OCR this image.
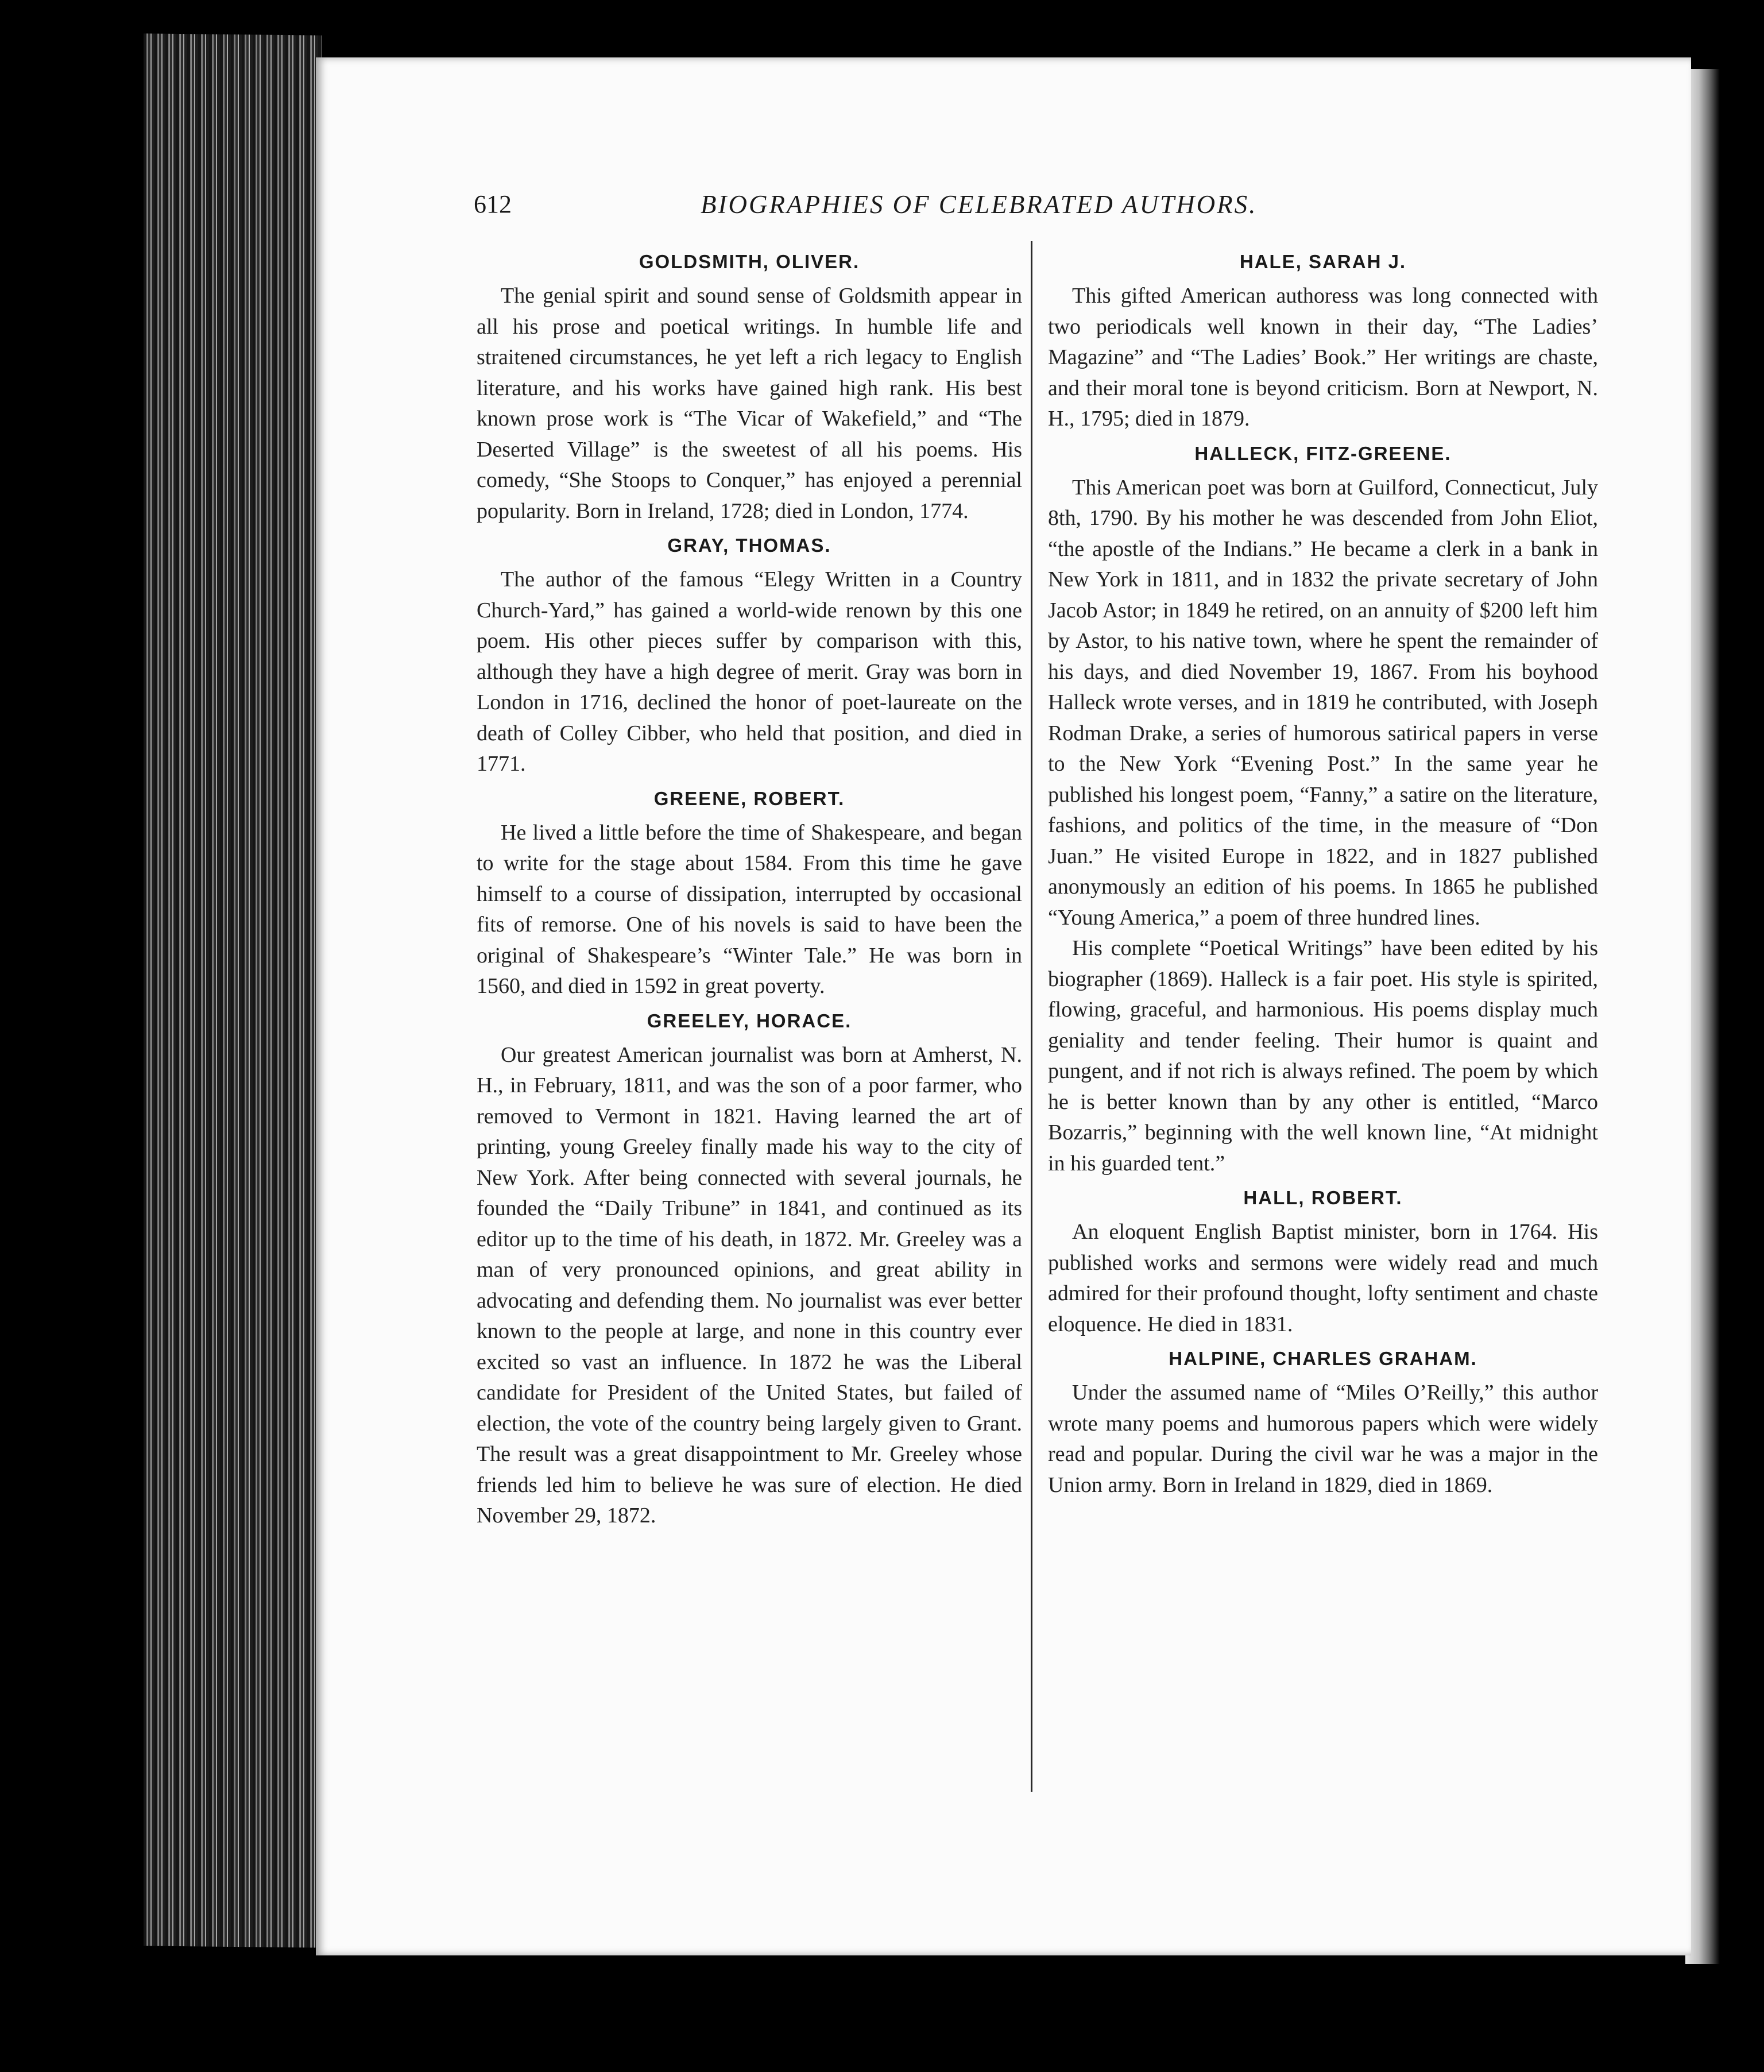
612	BIOGRAPHIES OF CELEBRATED AUTHORS.
GOLDSMITH, OLIVER.

The genial spirit and sound sense of Goldsmith appear in all his prose and poetical writings. In humble life and straitened circumstances, he yet left a rich legacy to English literature, and his works have gained high rank. His best known prose work is “The Vicar of Wakefield,” and “The Deserted Village” is the sweetest of all his poems. His comedy, “She Stoops to Conquer,” has enjoyed a perennial popularity. Born in Ireland, 1728; died in London, 1774.

GRAY, THOMAS.

The author of the famous “Elegy Written in a Country Church-Yard,” has gained a world-wide renown by this one poem. His other pieces suffer by comparison with this, although they have a high degree of merit. Gray was born in London in 1716, declined the honor of poet-laureate on the death of Colley Cibber, who held that position, and died in 1771.

GREENE, ROBERT.

He lived a little before the time of Shakespeare, and began to write for the stage about 1584. From this time he gave himself to a course of dissipation, interrupted by occasional fits of remorse. One of his novels is said to have been the original of Shakespeare’s “Winter Tale.” He was born in 1560, and died in 1592 in great poverty.

GREELEY, HORACE.

Our greatest American journalist was born at Amherst, N. H., in February, 1811, and was the son of a poor farmer, who removed to Vermont in 1821. Having learned the art of printing, young Greeley finally made his way to the city of New York. After being connected with several journals, he founded the “Daily Tribune” in 1841, and continued as its editor up to the time of his death, in 1872. Mr. Greeley was a man of very pronounced opinions, and great ability in advocating and defending them. No journalist was ever better known to the people at large, and none in this country ever excited so vast an influence. In 1872 he was the Liberal candidate for President of the United States, but failed of election, the vote of the country being largely given to Grant. The result was a great disappointment to Mr. Greeley whose friends led him to believe he was sure of election. He died November 29, 1872.

HALE, SARAH J.

This gifted American authoress was long connected with two periodicals well known in their day, “The Ladies’ Magazine” and “The Ladies’ Book.” Her writings are chaste, and their moral tone is beyond criticism. Born at Newport, N. H., 1795; died in 1879.

HALLECK, FITZ-GREENE.

This American poet was born at Guilford, Connecticut, July 8th, 1790. By his mother he was descended from John Eliot, “the apostle of the Indians.” He became a clerk in a bank in New York in 1811, and in 1832 the private secretary of John Jacob Astor; in 1849 he retired, on an annuity of $200 left him by Astor, to his native town, where he spent the remainder of his days, and died November 19, 1867. From his boyhood Halleck wrote verses, and in 1819 he contributed, with Joseph Rodman Drake, a series of humorous satirical papers in verse to the New York “Evening Post.” In the same year he published his longest poem, “Fanny,” a satire on the literature, fashions, and politics of the time, in the measure of “Don Juan.” He visited Europe in 1822, and in 1827 published anonymously an edition of his poems. In 1865 he published “Young America,” a poem of three hundred lines.

His complete “Poetical Writings” have been edited by his biographer (1869). Halleck is a fair poet. His style is spirited, flowing, graceful, and harmonious. His poems display much geniality and tender feeling. Their humor is quaint and pungent, and if not rich is always refined. The poem by which he is better known than by any other is entitled, “Marco Bozarris,” beginning with the well known line, “At midnight in his guarded tent.”

HALL, ROBERT.

An eloquent English Baptist minister, born in 1764. His published works and sermons were widely read and much admired for their profound thought, lofty sentiment and chaste eloquence. He died in 1831.

HALPINE, CHARLES GRAHAM.

Under the assumed name of “Miles O’Reilly,” this author wrote many poems and humorous papers which were widely read and popular. During the civil war he was a major in the Union army. Born in Ireland in 1829, died in 1869.
